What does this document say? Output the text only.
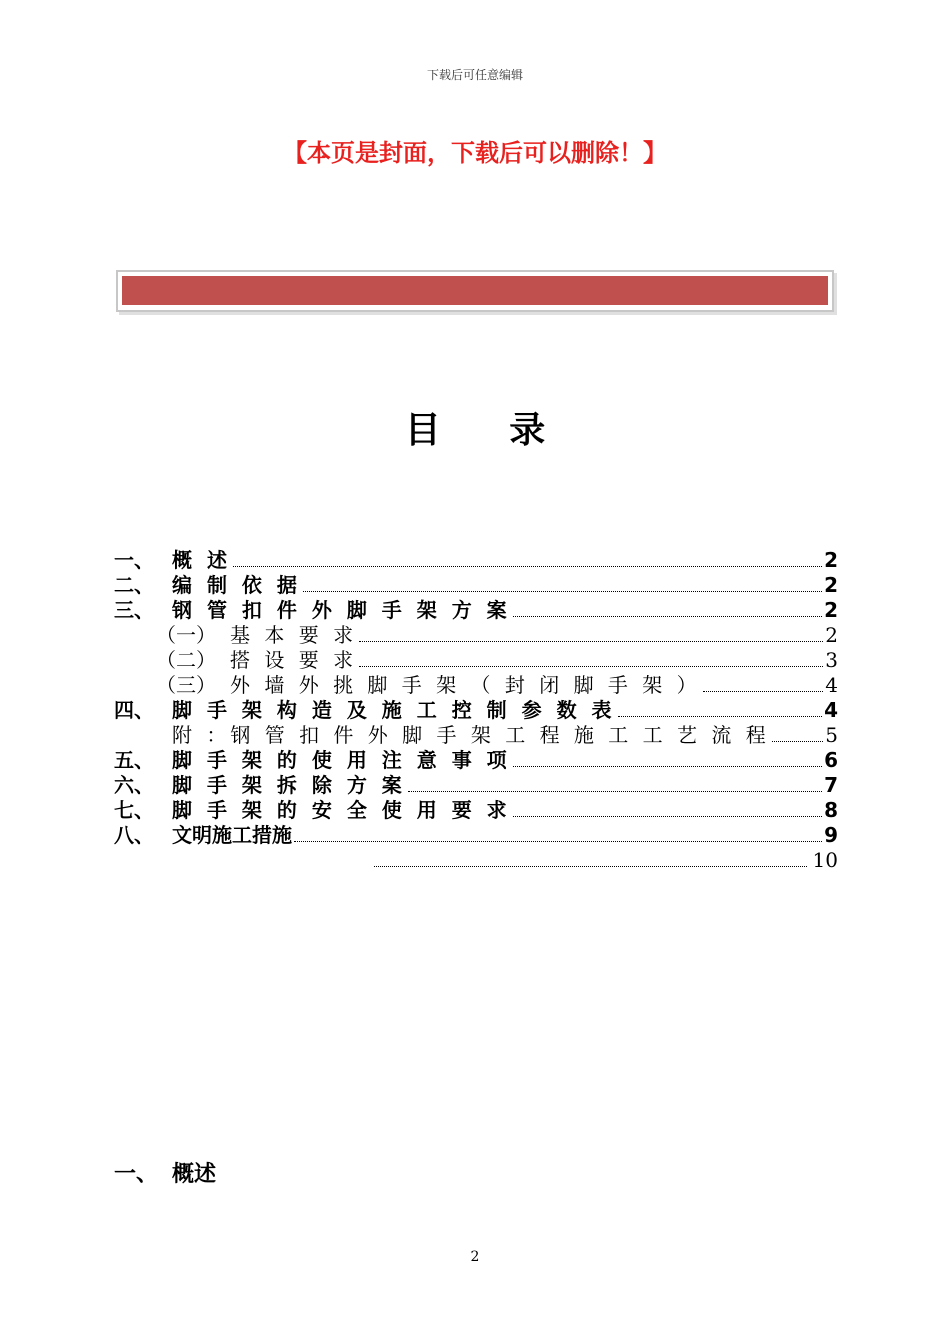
下载后可任意编辑
【本页是封面，下载后可以删除！】
目 录
一、 概 述	2
二、 编 制 依 据	2
三、 钢 管 扣 件 外 脚 手 架 方 案	2
（一） 基 本 要 求	2
（二） 搭 设 要 求	3
（三） 外 墙 外 挑 脚 手 架 （ 封 闭 脚 手 架 ）	4
四、 脚 手 架 构 造 及 施 工 控 制 参 数 表	4
附 ：钢 管 扣 件 外 脚 手 架 工 程 施 工 工 艺 流 程	5
五、 脚 手 架 的 使 用 注 意 事 项	6
六、 脚 手 架 拆 除 方 案	7
七、 脚 手 架 的 安 全 使 用 要 求	8
八、 文明施工措施	9
10
一、 概述
2
